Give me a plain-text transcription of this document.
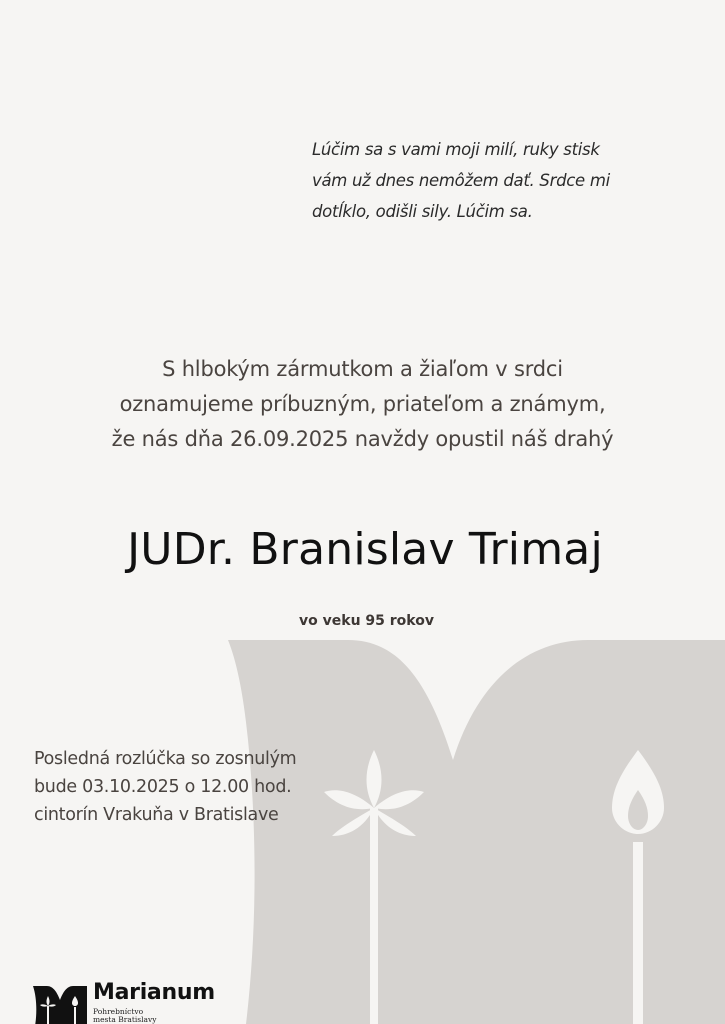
Lúčim sa s vami moji milí, ruky stisk
vám už dnes nemôžem dať. Srdce mi
dotĺklo, odišli sily. Lúčim sa.
S hlbokým zármutkom a žiaľom v srdci
oznamujeme príbuzným, priateľom a známym,
že nás dňa 26.09.2025 navždy opustil náš drahý
JUDr. Branislav Trimaj
vo veku 95 rokov
Posledná rozlúčka so zosnulým
bude 03.10.2025 o 12.00 hod.
cintorín Vrakuňa v Bratislave
Marianum
Pohrebníctvo
mesta Bratislavy
